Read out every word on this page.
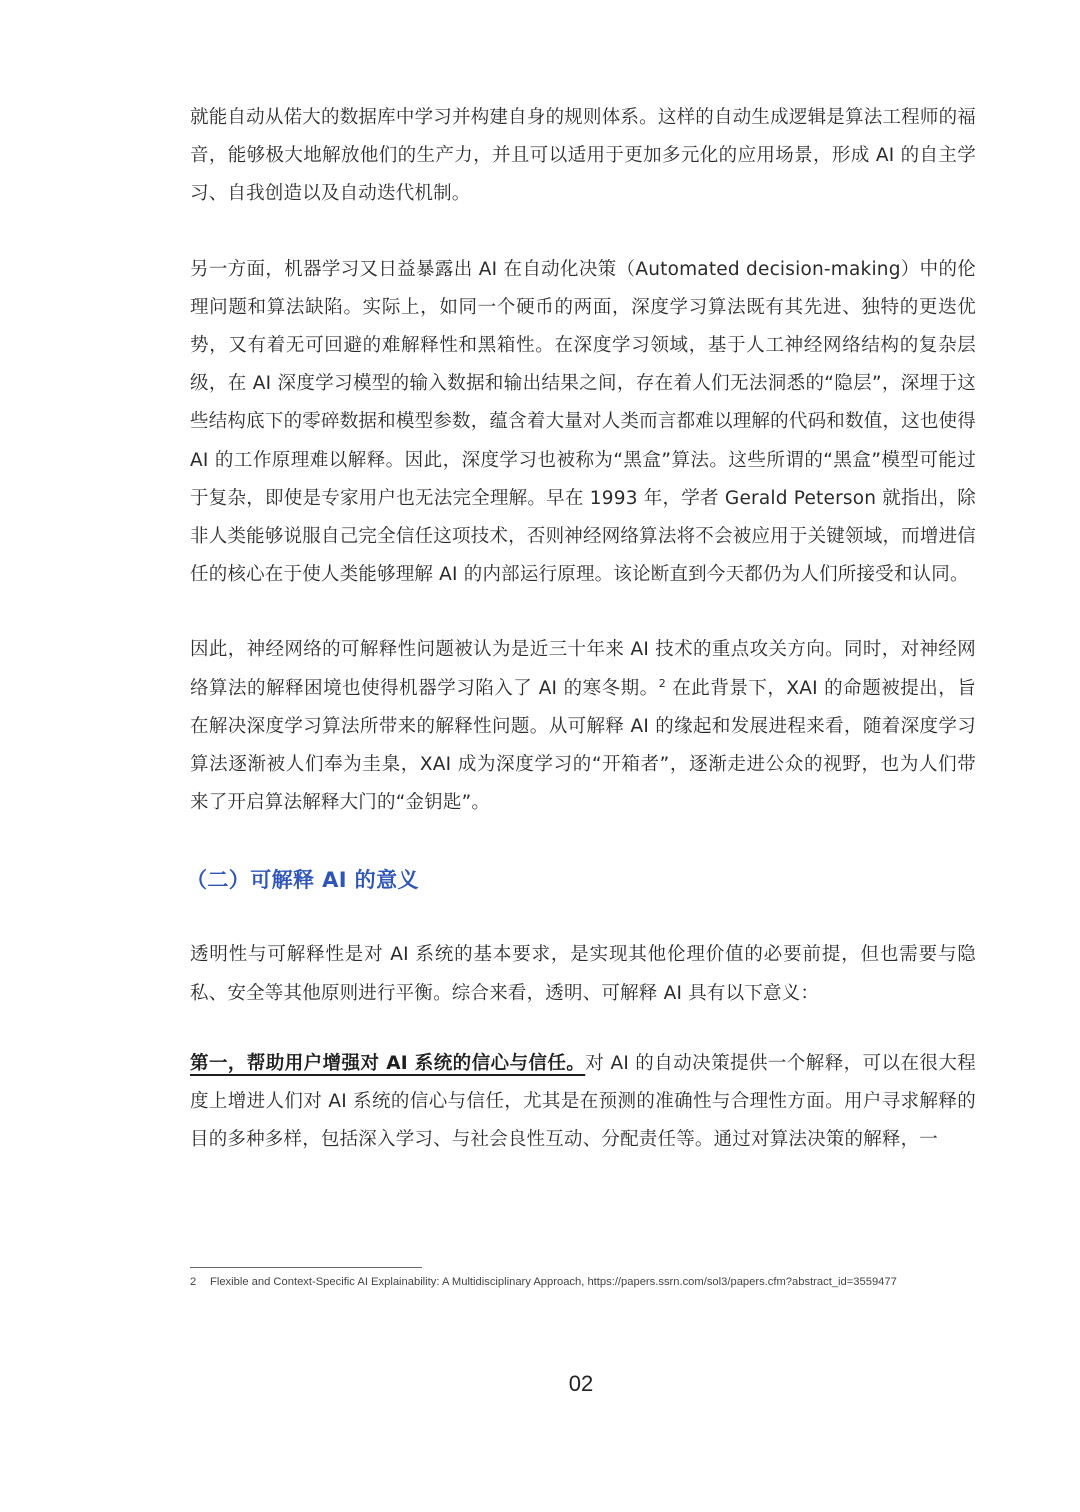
就能自动从偌大的数据库中学习并构建自身的规则体系。这样的自动生成逻辑是算法工程师的福音，能够极大地解放他们的生产力，并且可以适用于更加多元化的应用场景，形成 AI 的自主学习、自我创造以及自动迭代机制。

另一方面，机器学习又日益暴露出 AI 在自动化决策（Automated decision-making）中的伦理问题和算法缺陷。实际上，如同一个硬币的两面，深度学习算法既有其先进、独特的更迭优势，又有着无可回避的难解释性和黑箱性。在深度学习领域，基于人工神经网络结构的复杂层级，在 AI 深度学习模型的输入数据和输出结果之间，存在着人们无法洞悉的“隐层”，深埋于这些结构底下的零碎数据和模型参数，蕴含着大量对人类而言都难以理解的代码和数值，这也使得 AI 的工作原理难以解释。因此，深度学习也被称为“黑盒”算法。这些所谓的“黑盒”模型可能过于复杂，即使是专家用户也无法完全理解。早在 1993 年，学者 Gerald Peterson 就指出，除非人类能够说服自己完全信任这项技术，否则神经网络算法将不会被应用于关键领域，而增进信任的核心在于使人类能够理解 AI 的内部运行原理。该论断直到今天都仍为人们所接受和认同。

因此，神经网络的可解释性问题被认为是近三十年来 AI 技术的重点攻关方向。同时，对神经网络算法的解释困境也使得机器学习陷入了 AI 的寒冬期。$^2$ 在此背景下，XAI 的命题被提出，旨在解决深度学习算法所带来的解释性问题。从可解释 AI 的缘起和发展进程来看，随着深度学习算法逐渐被人们奉为圭臬，XAI 成为深度学习的“开箱者”，逐渐走进公众的视野，也为人们带来了开启算法解释大门的“金钥匙”。

（二）可解释 AI 的意义

透明性与可解释性是对 AI 系统的基本要求，是实现其他伦理价值的必要前提，但也需要与隐私、安全等其他原则进行平衡。综合来看，透明、可解释 AI 具有以下意义：

第一，帮助用户增强对 AI 系统的信心与信任。对 AI 的自动决策提供一个解释，可以在很大程度上增进人们对 AI 系统的信心与信任，尤其是在预测的准确性与合理性方面。用户寻求解释的目的多种多样，包括深入学习、与社会良性互动、分配责任等。通过对算法决策的解释，一

2 Flexible and Context-Specific AI Explainability: A Multidisciplinary Approach, https://papers.ssrn.com/sol3/papers.cfm?abstract_id=3559477
02
